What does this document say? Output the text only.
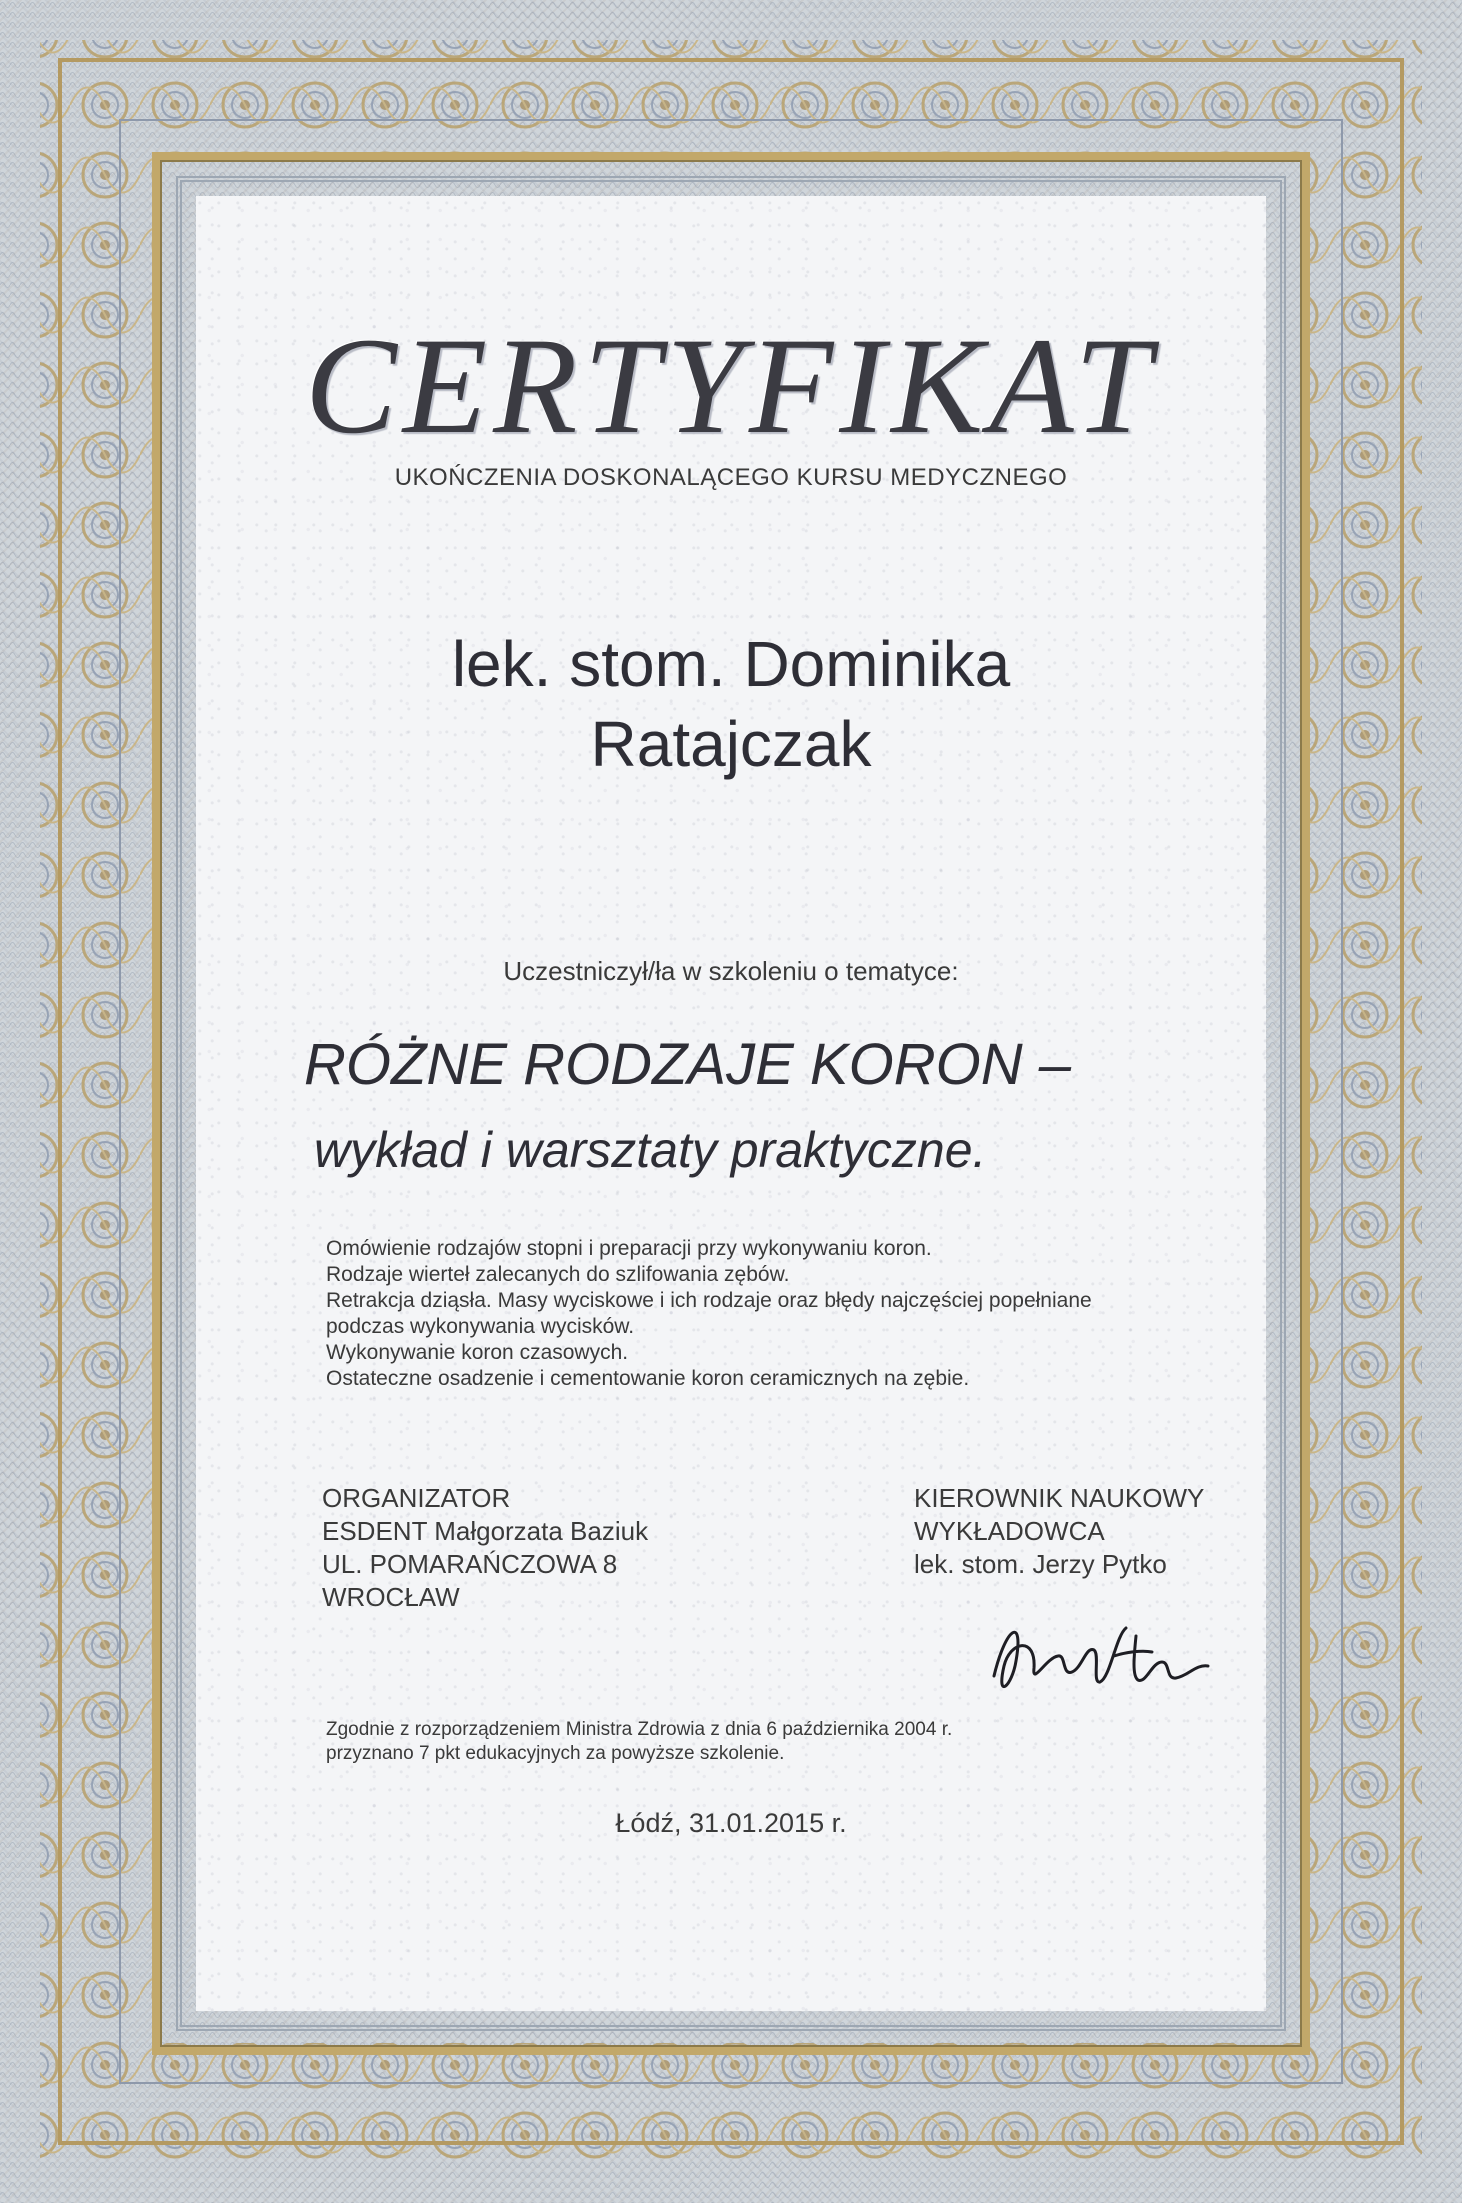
CERTYFIKAT
UKOŃCZENIA DOSKONALĄCEGO KURSU MEDYCZNEGO
lek. stom. Dominika
Ratajczak
Uczestniczył/ła w szkoleniu o tematyce:
RÓŻNE RODZAJE KORON –
wykład i warsztaty praktyczne.
Omówienie rodzajów stopni i preparacji przy wykonywaniu koron.
Rodzaje wierteł zalecanych do szlifowania zębów.
Retrakcja dziąsła. Masy wyciskowe i ich rodzaje oraz błędy najczęściej popełniane
podczas wykonywania wycisków.
Wykonywanie koron czasowych.
Ostateczne osadzenie i cementowanie koron ceramicznych na zębie.
ORGANIZATOR
ESDENT Małgorzata Baziuk
UL. POMARAŃCZOWA 8
WROCŁAW
KIEROWNIK NAUKOWY
WYKŁADOWCA
lek. stom. Jerzy Pytko
Zgodnie z rozporządzeniem Ministra Zdrowia z dnia 6 października 2004 r.
przyznano 7 pkt edukacyjnych za powyższe szkolenie.
Łódź, 31.01.2015 r.
